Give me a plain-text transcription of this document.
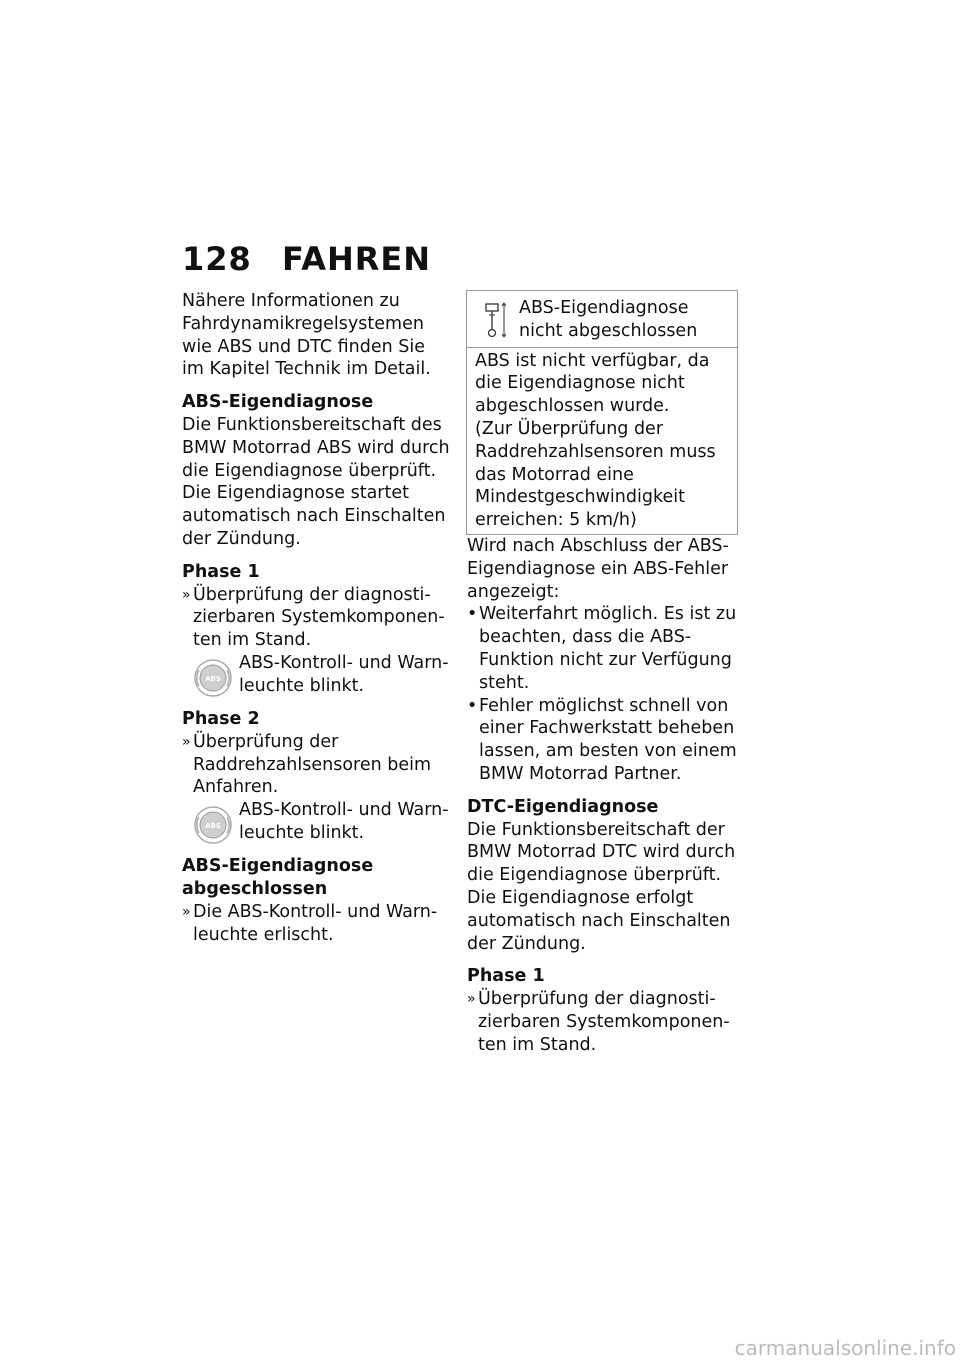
128 FAHREN

Nähere Informationen zu Fahrdynamikregelsystemen wie ABS und DTC finden Sie im Kapitel Technik im Detail.

ABS-Eigendiagnose

Die Funktionsbereitschaft des BMW Motorrad ABS wird durch die Eigendiagnose überprüft. Die Eigendiagnose startet automatisch nach Einschalten der Zündung.

Phase 1

» Überprüfung der diagnostizierbaren Systemkomponenten im Stand.
ABS
ABS-Kontroll- und Warnleuchte blinkt.

Phase 2

» Überprüfung der Raddrehzahlsensoren beim Anfahren.
ABS
ABS-Kontroll- und Warnleuchte blinkt.

ABS-Eigendiagnose abgeschlossen

» Die ABS-Kontroll- und Warnleuchte erlischt.
ABS-Eigendiagnose nicht abgeschlossen

ABS ist nicht verfügbar, da die Eigendiagnose nicht abgeschlossen wurde.

(Zur Überprüfung der Raddrehzahlsensoren muss das Motorrad eine Mindestgeschwindigkeit erreichen: 5 km/h)

Wird nach Abschluss der ABS-Eigendiagnose ein ABS-Fehler angezeigt:

• Weiterfahrt möglich. Es ist zu beachten, dass die ABS-Funktion nicht zur Verfügung steht.
• Fehler möglichst schnell von einer Fachwerkstatt beheben lassen, am besten von einem BMW Motorrad Partner.

DTC-Eigendiagnose

Die Funktionsbereitschaft der BMW Motorrad DTC wird durch die Eigendiagnose überprüft. Die Eigendiagnose erfolgt automatisch nach Einschalten der Zündung.

Phase 1

» Überprüfung der diagnostizierbaren Systemkomponenten im Stand.
carmanualsonline.info
